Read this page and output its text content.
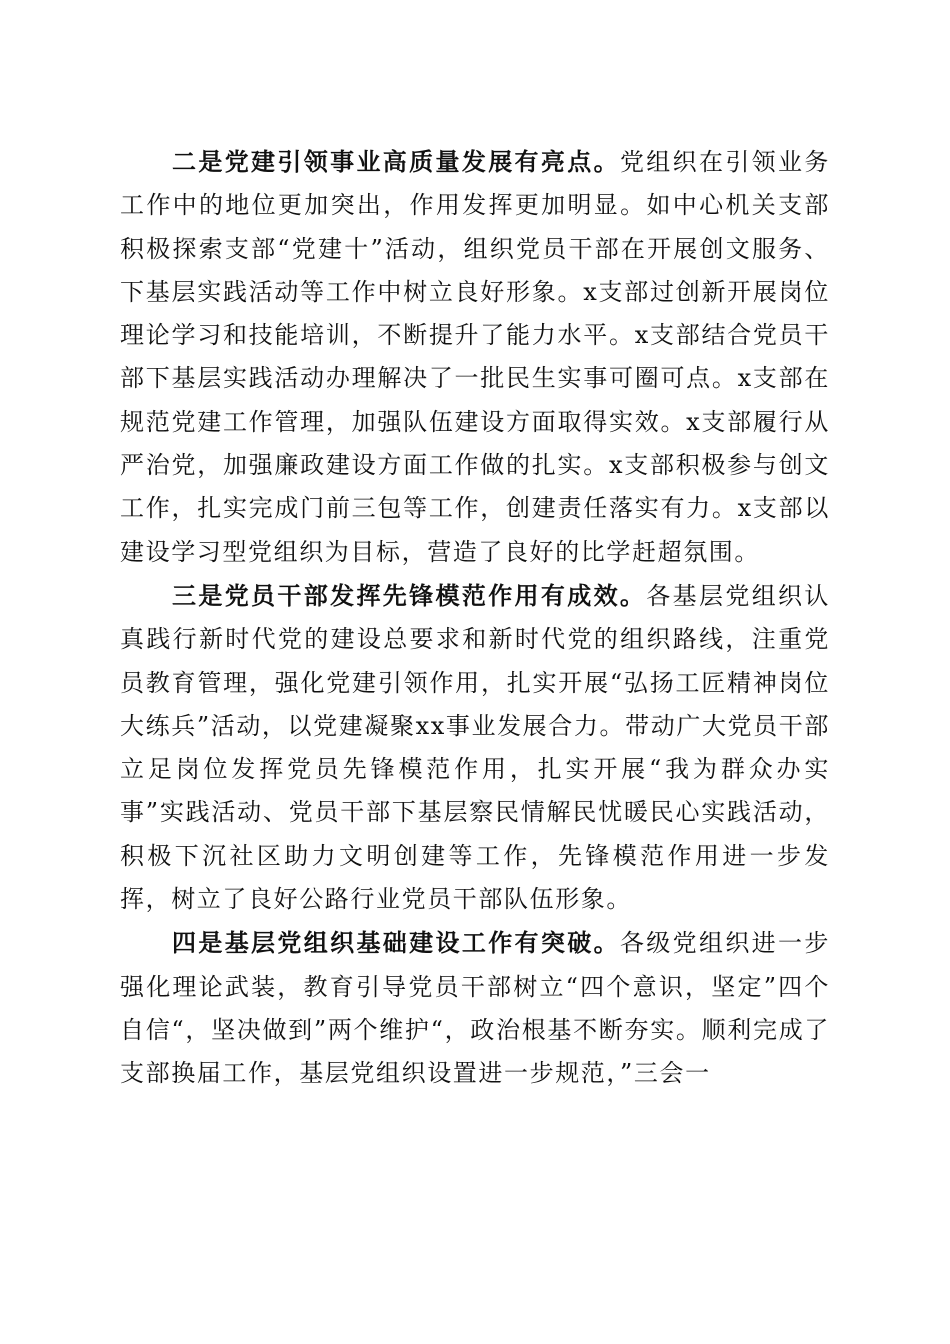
二是党建引领事业高质量发展有亮点。党组织在引领业务工作中的地位更加突出，作用发挥更加明显。如中心机关支部积极探索支部“党建十”活动，组织党员干部在开展创文服务、下基层实践活动等工作中树立良好形象。x支部过创新开展岗位理论学习和技能培训，不断提升了能力水平。x支部结合党员干部下基层实践活动办理解决了一批民生实事可圈可点。x支部在规范党建工作管理，加强队伍建设方面取得实效。x支部履行从严治党，加强廉政建设方面工作做的扎实。x支部积极参与创文工作，扎实完成门前三包等工作，创建责任落实有力。x支部以建设学习型党组织为目标，营造了良好的比学赶超氛围。

三是党员干部发挥先锋模范作用有成效。各基层党组织认真践行新时代党的建设总要求和新时代党的组织路线，注重党员教育管理，强化党建引领作用，扎实开展“弘扬工匠精神岗位大练兵”活动，以党建凝聚xx事业发展合力。带动广大党员干部立足岗位发挥党员先锋模范作用，扎实开展“我为群众办实事”实践活动、党员干部下基层察民情解民忧暖民心实践活动，积极下沉社区助力文明创建等工作，先锋模范作用进一步发挥，树立了良好公路行业党员干部队伍形象。

四是基层党组织基础建设工作有突破。各级党组织进一步强化理论武装，教育引导党员干部树立“四个意识，坚定”四个自信“，坚决做到”两个维护“，政治根基不断夯实。顺利完成了支部换届工作，基层党组织设置进一步规范，”三会一
